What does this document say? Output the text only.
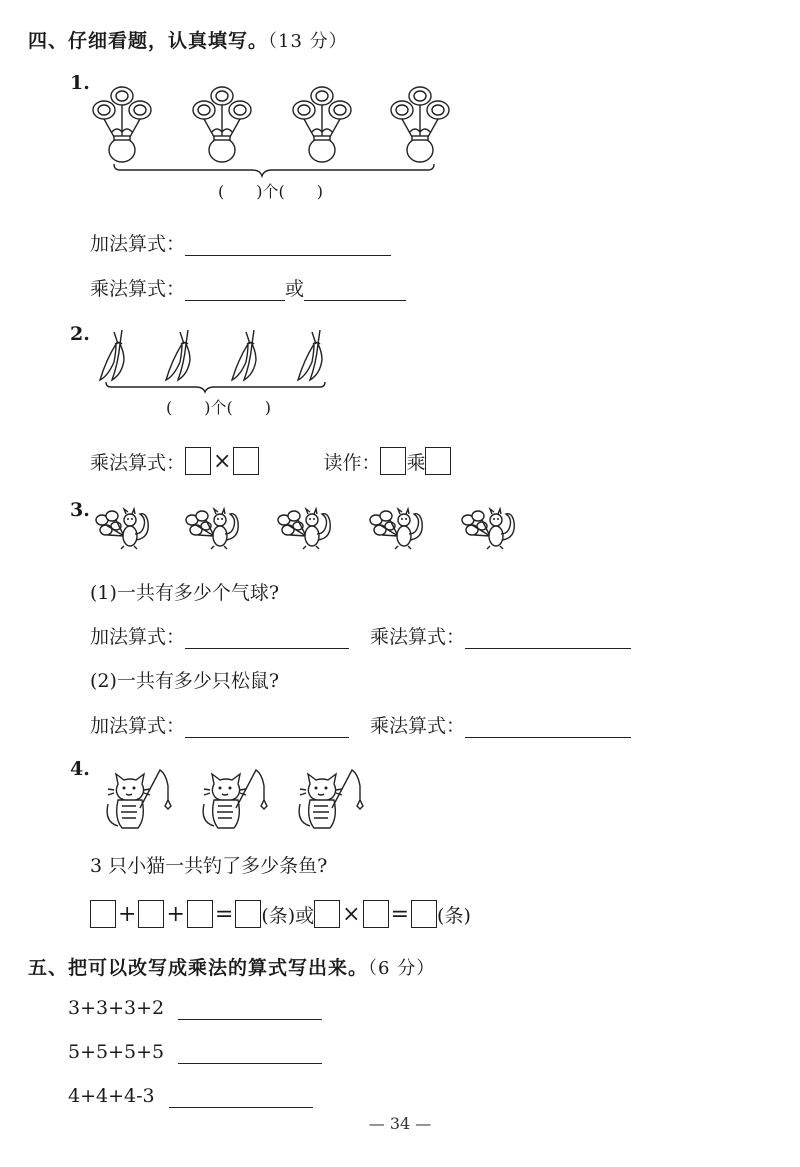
四、仔细看题，认真填写。（13 分）
1.
(　　)个(　　)
加法算式：
乘法算式：	或
2.
(　　)个(　　)
乘法算式： ×	读作： 乘
3.
(1)一共有多少个气球?
加法算式：	乘法算式：
(2)一共有多少只松鼠?
加法算式：	乘法算式：
4.
3 只小猫一共钓了多少条鱼?
+ + = (条) 或 × = (条)
五、把可以改写成乘法的算式写出来。（6 分）
3+3+3+2
5+5+5+5
4+4+4-3
— 34 —
